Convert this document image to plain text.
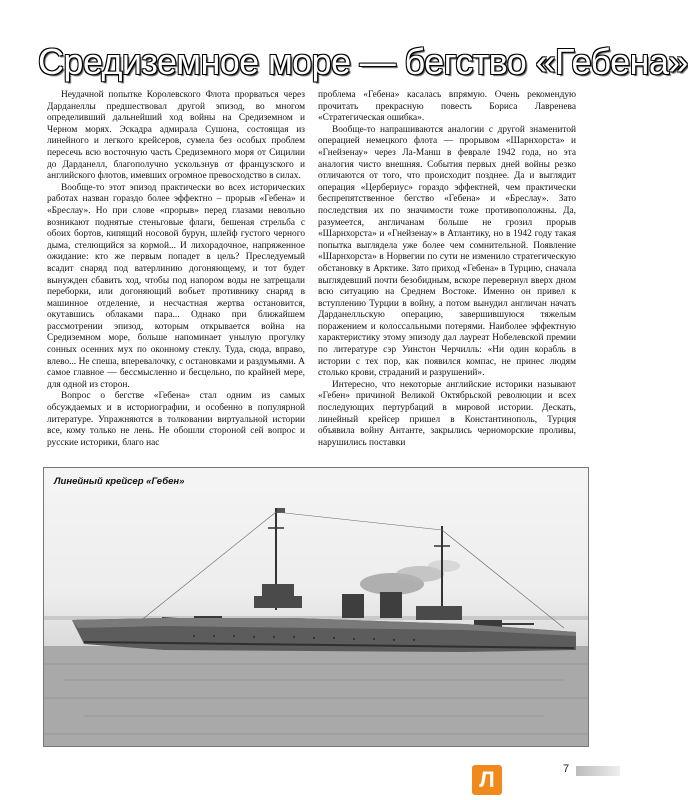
Средиземное море — бегство «Гебена»

Неудачной попытке Королевского Флота прорваться через Дарданеллы предшествовал другой эпизод, во многом определивший дальнейший ход войны на Средиземном и Черном морях. Эскадра адмирала Сушона, состоящая из линейного и легкого крейсеров, сумела без особых проблем пересечь всю восточную часть Средиземного моря от Сицилии до Дарданелл, благополучно ускользнув от французского и английского флотов, имевших огромное превосходство в силах.

Вообще-то этот эпизод практически во всех исторических работах назван гораздо более эффектно – прорыв «Гебена» и «Бреслау». Но при слове «прорыв» перед глазами невольно возникают поднятые стеньговые флаги, бешеная стрельба с обоих бортов, кипящий носовой бурун, шлейф густого черного дыма, стелющийся за кормой... И лихорадочное, напряженное ожидание: кто же первым попадет в цель? Преследуемый всадит снаряд под ватерлинию догоняющему, и тот будет вынужден сбавить ход, чтобы под напором воды не затрещали переборки, или догоняющий вобьет противнику снаряд в машинное отделение, и несчастная жертва остановится, окутавшись облаками пара... Однако при ближайшем рассмотрении эпизод, которым открывается война на Средиземном море, больше напоминает унылую прогулку сонных осенних мух по оконному стеклу. Туда, сюда, вправо, влево... Не спеша, вперевалочку, с остановками и раздумьями. А самое главное — бессмысленно и бесцельно, по крайней мере, для одной из сторон.

Вопрос о бегстве «Гебена» стал одним из самых обсуждаемых и в историографии, и особенно в популярной литературе. Упражняются в толковании виртуальной истории все, кому только не лень. Не обошли стороной сей вопрос и русские историки, благо нас

проблема «Гебена» касалась впрямую. Очень рекомендую прочитать прекрасную повесть Бориса Лавренева «Стратегическая ошибка».

Вообще-то напрашиваются аналогии с другой знаменитой операцией немецкого флота — прорывом «Шарнхорста» и «Гнейзенау» через Ла-Манш в феврале 1942 года, но эта аналогия чисто внешняя. События первых дней войны резко отличаются от того, что происходит позднее. Да и выглядит операция «Цербериус» гораздо эффектней, чем практически беспрепятственное бегство «Гебена» и «Бреслау». Зато последствия их по значимости тоже противоположны. Да, разумеется, англичанам больше не грозил прорыв «Шарнхорста» и «Гнейзенау» в Атлантику, но в 1942 году такая попытка выглядела уже более чем сомнительной. Появление «Шарнхорста» в Норвегии по сути не изменило стратегическую обстановку в Арктике. Зато приход «Гебена» в Турцию, сначала выглядевший почти безобидным, вскоре перевернул вверх дном всю ситуацию на Среднем Востоке. Именно он привел к вступлению Турции в войну, а потом вынудил англичан начать Дарданелльскую операцию, завершившуюся тяжелым поражением и колоссальными потерями. Наиболее эффектную характеристику этому эпизоду дал лауреат Нобелевской премии по литературе сэр Уинстон Черчилль: «Ни один корабль в истории с тех пор, как появился компас, не принес людям столько крови, страданий и разрушений».

Интересно, что некоторые английские историки называют «Гебен» причиной Великой Октябрьской революции и всех последующих пертурбаций в мировой истории. Дескать, линейный крейсер пришел в Константинополь, Турция объявила войну Антанте, закрылись черноморские проливы, нарушились поставки

Линейный крейсер «Гебен»

Л	7
